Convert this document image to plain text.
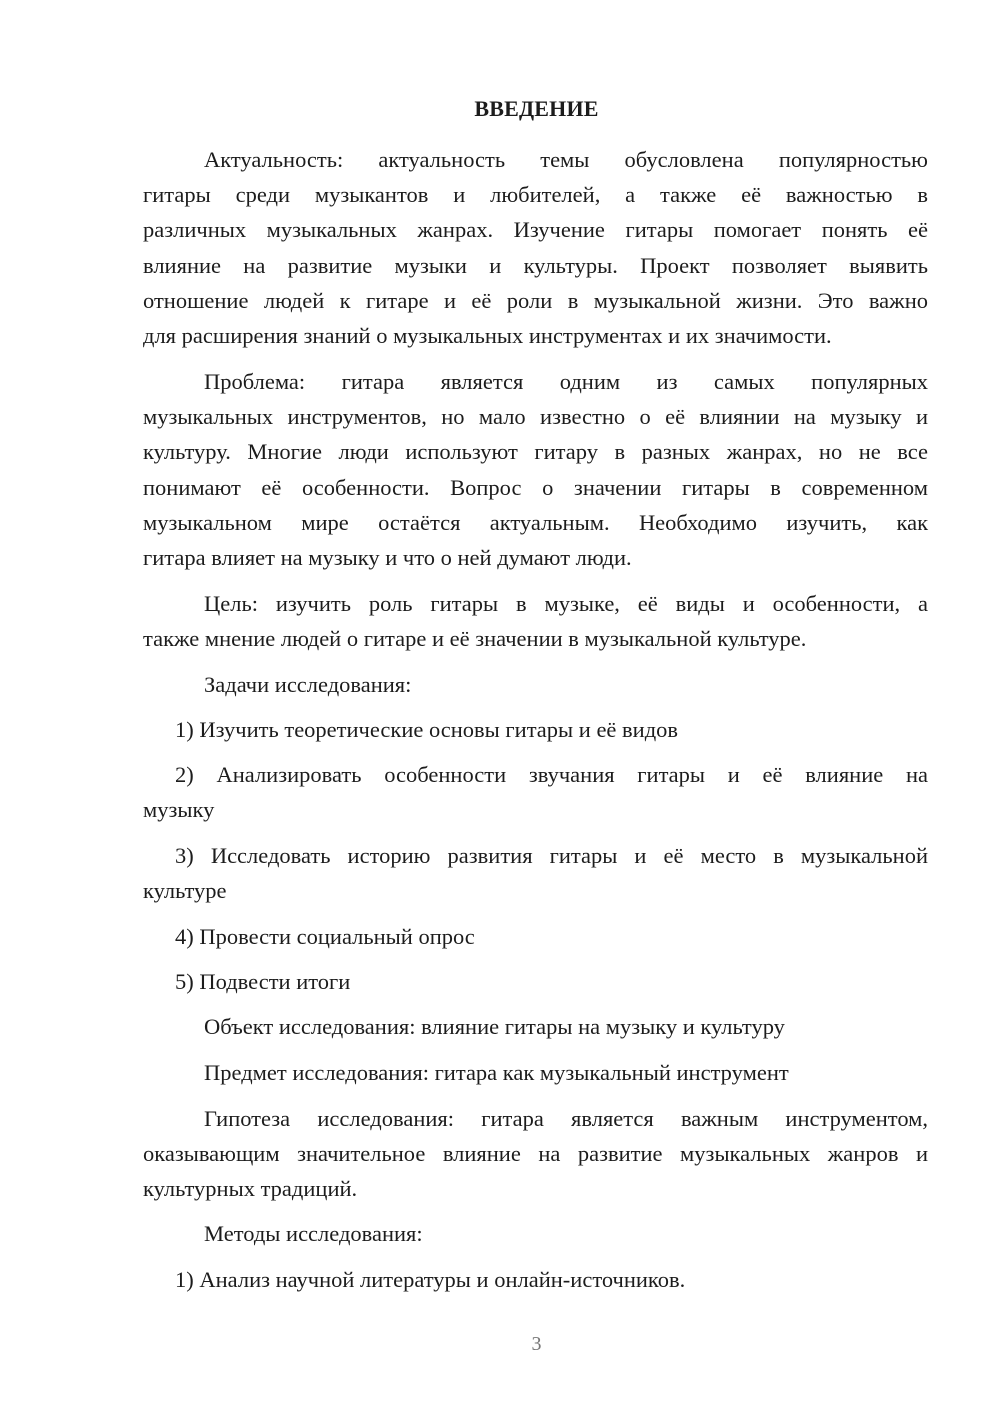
ВВЕДЕНИЕ
Актуальность: актуальность темы обусловлена популярностью
гитары среди музыкантов и любителей, а также её важностью в
различных музыкальных жанрах. Изучение гитары помогает понять её
влияние на развитие музыки и культуры. Проект позволяет выявить
отношение людей к гитаре и её роли в музыкальной жизни. Это важно
для расширения знаний о музыкальных инструментах и их значимости.
Проблема: гитара является одним из самых популярных
музыкальных инструментов, но мало известно о её влиянии на музыку и
культуру. Многие люди используют гитару в разных жанрах, но не все
понимают её особенности. Вопрос о значении гитары в современном
музыкальном мире остаётся актуальным. Необходимо изучить, как
гитара влияет на музыку и что о ней думают люди.
Цель: изучить роль гитары в музыке, её виды и особенности, а
также мнение людей о гитаре и её значении в музыкальной культуре.
Задачи исследования:
1) Изучить теоретические основы гитары и её видов
2) Анализировать особенности звучания гитары и её влияние на
музыку
3) Исследовать историю развития гитары и её место в музыкальной
культуре
4) Провести социальный опрос
5) Подвести итоги
Объект исследования: влияние гитары на музыку и культуру
Предмет исследования: гитара как музыкальный инструмент
Гипотеза исследования: гитара является важным инструментом,
оказывающим значительное влияние на развитие музыкальных жанров и
культурных традиций.
Методы исследования:
1) Анализ научной литературы и онлайн-источников.
3
